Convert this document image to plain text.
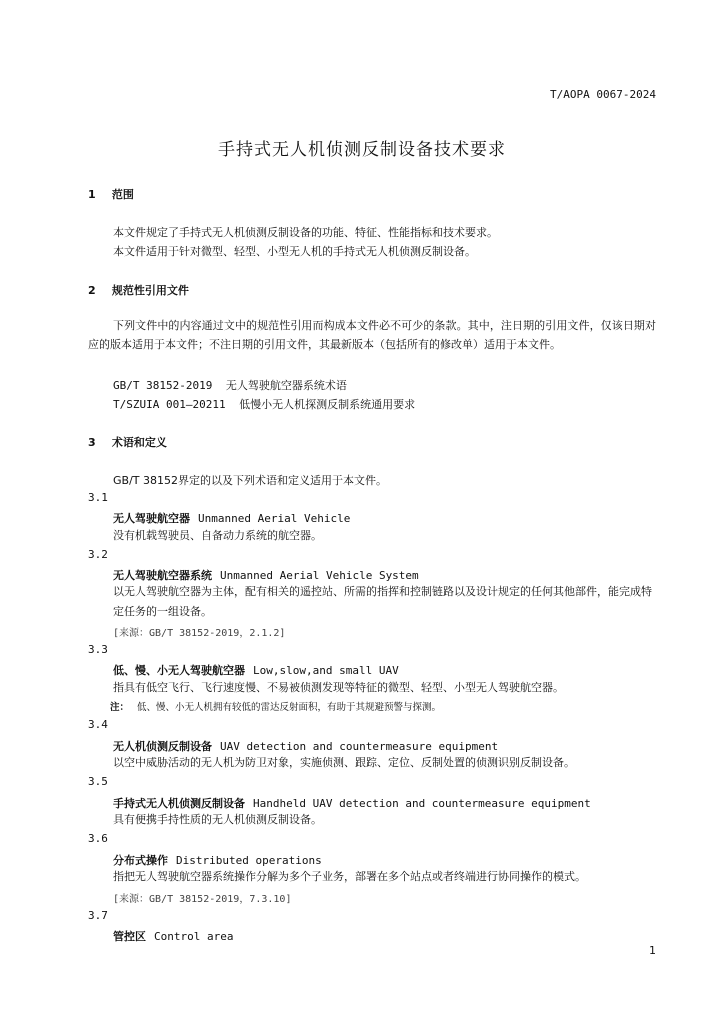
T/AOPA 0067-2024
手持式无人机侦测反制设备技术要求
1 范围
本文件规定了手持式无人机侦测反制设备的功能、特征、性能指标和技术要求。
本文件适用于针对微型、轻型、小型无人机的手持式无人机侦测反制设备。
2 规范性引用文件
下列文件中的内容通过文中的规范性引用而构成本文件必不可少的条款。其中，注日期的引用文件，仅该日期对应的版本适用于本文件；不注日期的引用文件，其最新版本（包括所有的修改单）适用于本文件。
GB/T 38152-2019 无人驾驶航空器系统术语
T/SZUIA 001—20211 低慢小无人机探测反制系统通用要求
3 术语和定义
GB/T 38152界定的以及下列术语和定义适用于本文件。
3.1
无人驾驶航空器 Unmanned Aerial Vehicle
没有机载驾驶员、自备动力系统的航空器。
3.2
无人驾驶航空器系统 Unmanned Aerial Vehicle System
以无人驾驶航空器为主体，配有相关的遥控站、所需的指挥和控制链路以及设计规定的任何其他部件，能完成特定任务的一组设备。
[来源：GB/T 38152-2019，2.1.2]
3.3
低、慢、小无人驾驶航空器 Low,slow,and small UAV
指具有低空飞行、飞行速度慢、不易被侦测发现等特征的微型、轻型、小型无人驾驶航空器。
注： 低、慢、小无人机拥有较低的雷达反射面积，有助于其规避预警与探测。
3.4
无人机侦测反制设备 UAV detection and countermeasure equipment
以空中威胁活动的无人机为防卫对象，实施侦测、跟踪、定位、反制处置的侦测识别反制设备。
3.5
手持式无人机侦测反制设备 Handheld UAV detection and countermeasure equipment
具有便携手持性质的无人机侦测反制设备。
3.6
分布式操作 Distributed operations
指把无人驾驶航空器系统操作分解为多个子业务，部署在多个站点或者终端进行协同操作的模式。
[来源：GB/T 38152-2019，7.3.10]
3.7
管控区 Control area
1
